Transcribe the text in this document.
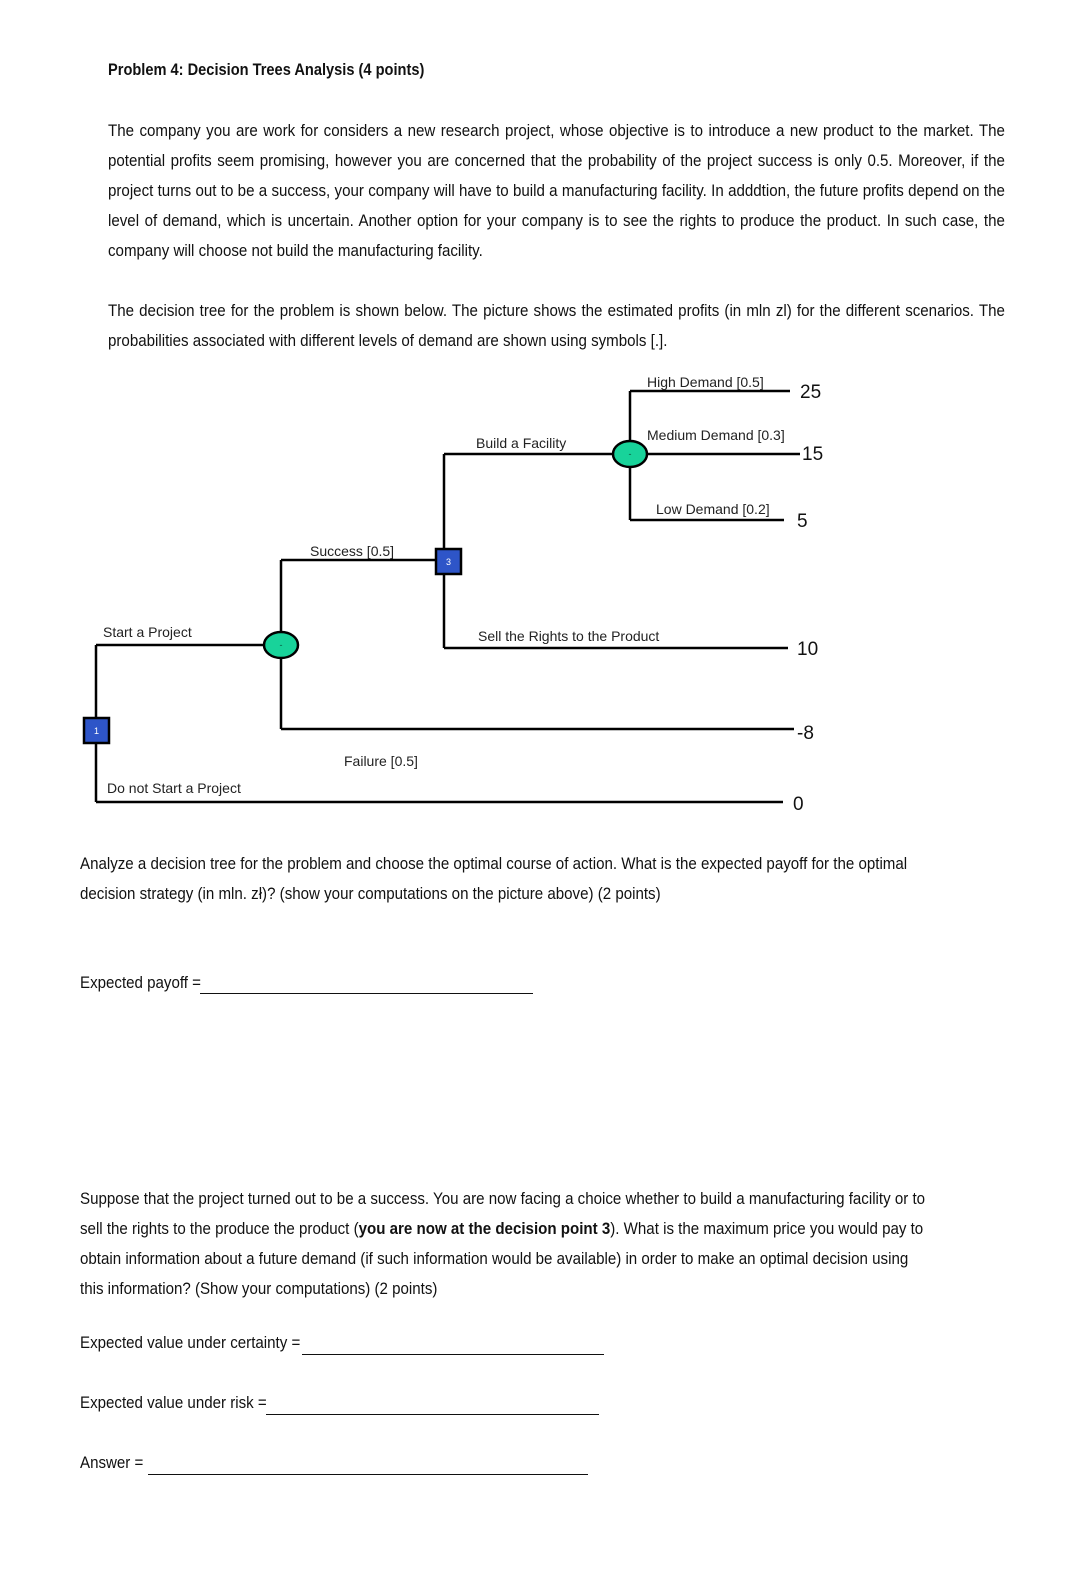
Problem 4: Decision Trees Analysis (4 points)
The company you are work for considers a new research project, whose objective is to introduce a new product to the market. The potential profits seem promising, however you are concerned that the probability of the project success is only 0.5. Moreover, if the project turns out to be a success, your company will have to build a manufacturing facility. In adddtion, the future profits depend on the level of demand, which is uncertain. Another option for your company is to see the rights to produce the product. In such case, the company will choose not build the manufacturing facility.
The decision tree for the problem is shown below. The picture shows the estimated profits (in mln zl) for the different scenarios. The probabilities associated with different levels of demand are shown using symbols [.].
-
-
3
1
High Demand [0.5]
Medium Demand [0.3]
Low Demand [0.2]
Build a Facility
Success [0.5]
Sell the Rights to the Product
Start a Project
Failure [0.5]
Do not Start a Project
25
15
5
10
-8
0
Analyze a decision tree for the problem and choose the optimal course of action. What is the expected payoff for the optimal decision strategy (in mln. zł)? (show your computations on the picture above) (2 points)
Expected payoff =
Suppose that the project turned out to be a success. You are now facing a choice whether to build a manufacturing facility or to sell the rights to the produce the product (you are now at the decision point 3). What is the maximum price you would pay to obtain information about a future demand (if such information would be available) in order to make an optimal decision using this information? (Show your computations) (2 points)
Expected value under certainty =
Expected value under risk =
Answer =
